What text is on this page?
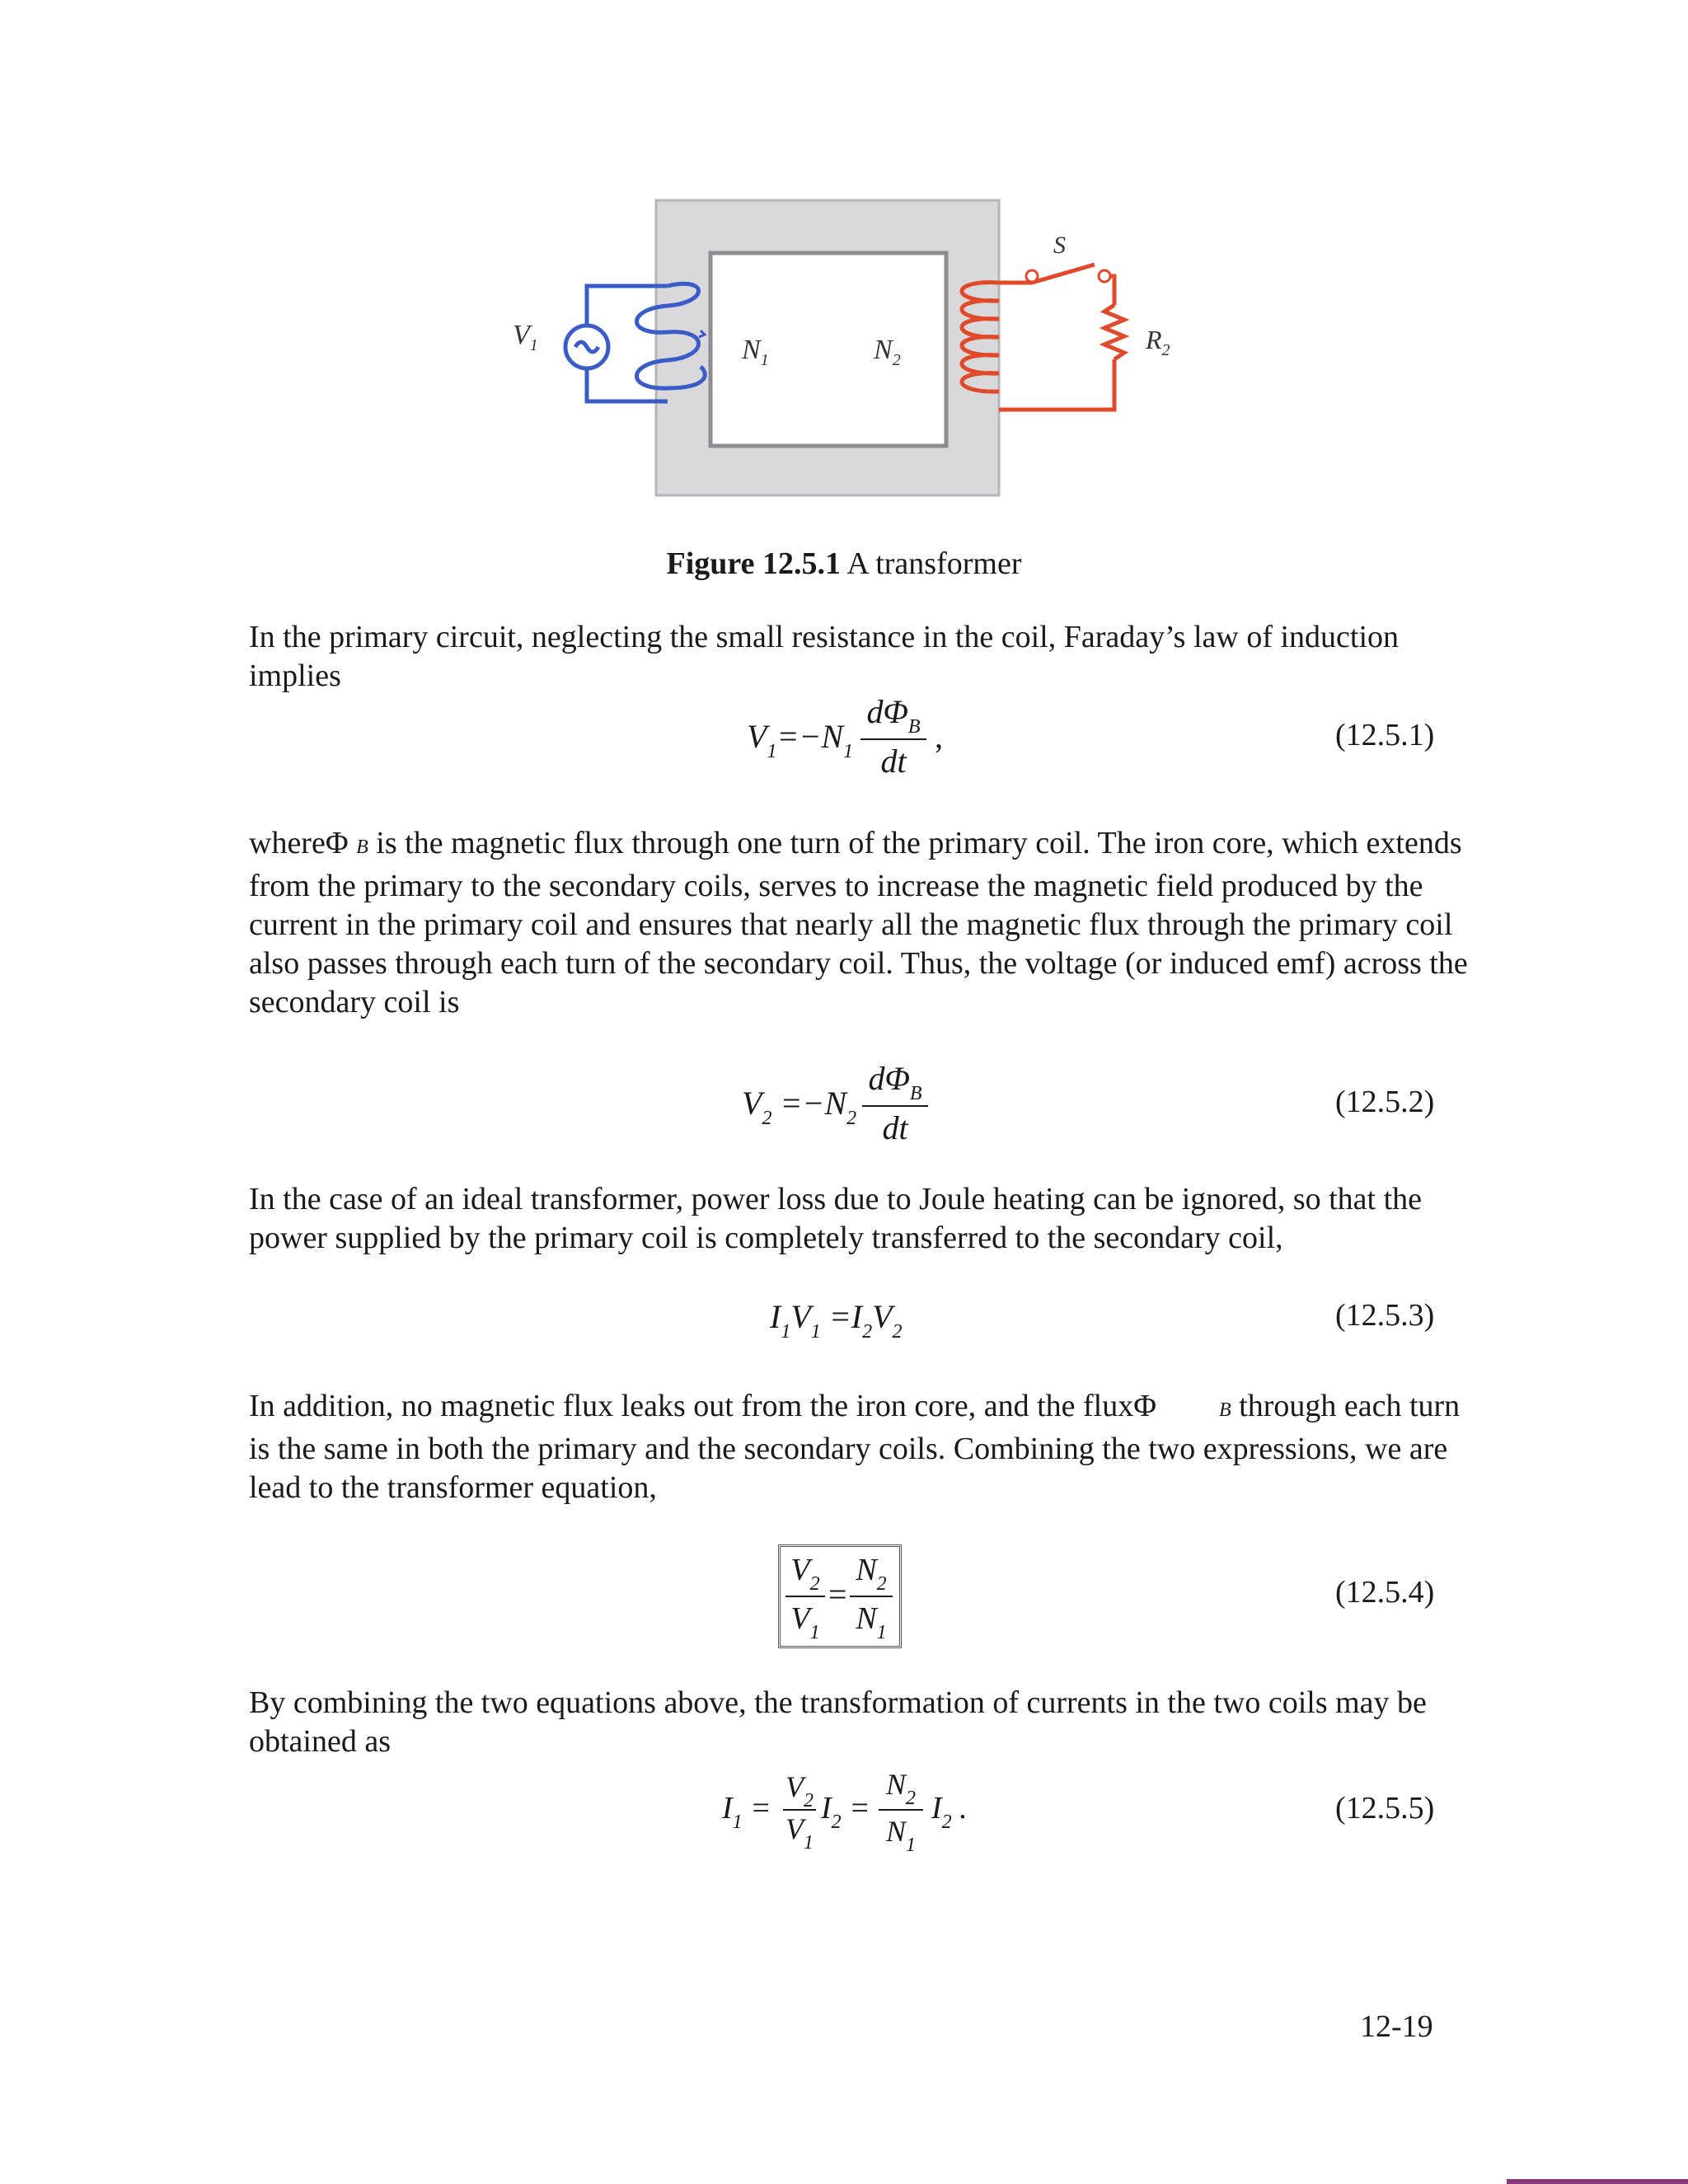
$V_1$	$N_1$	$N_2$
S
$R_2$
Figure 12.5.1 A transformer

In the primary circuit, neglecting the small resistance in the coil, Faraday’s law of induction implies

$V_1=-N_1$
$d\Phi_B$
dt
,	(12.5.1)

whereΦ B is the magnetic flux through one turn of the primary coil. The iron core, which extends from the primary to the secondary coils, serves to increase the magnetic field produced by the current in the primary coil and ensures that nearly all the magnetic flux through the primary coil also passes through each turn of the secondary coil. Thus, the voltage (or induced emf) across the secondary coil is

$V_2 =-N_2$
$d\Phi_B$
dt
(12.5.2)

In the case of an ideal transformer, power loss due to Joule heating can be ignored, so that the power supplied by the primary coil is completely transferred to the secondary coil,

$I_1V_1 =I_2V_2$	(12.5.3)

In addition, no magnetic flux leaks out from the iron core, and the fluxΦ	B through each turn is the same in both the primary and the secondary coils. Combining the two expressions, we are lead to the transformer equation,

$V_2$
$V_1$
=
$N_2$
$N_1$
(12.5.4)

By combining the two equations above, the transformation of currents in the two coils may be obtained as

$I_1$ =
$V_2$
$V_1$
$I_2$ =
$N_2$
$N_1$
$I_2$ .	(12.5.5)
12-19
